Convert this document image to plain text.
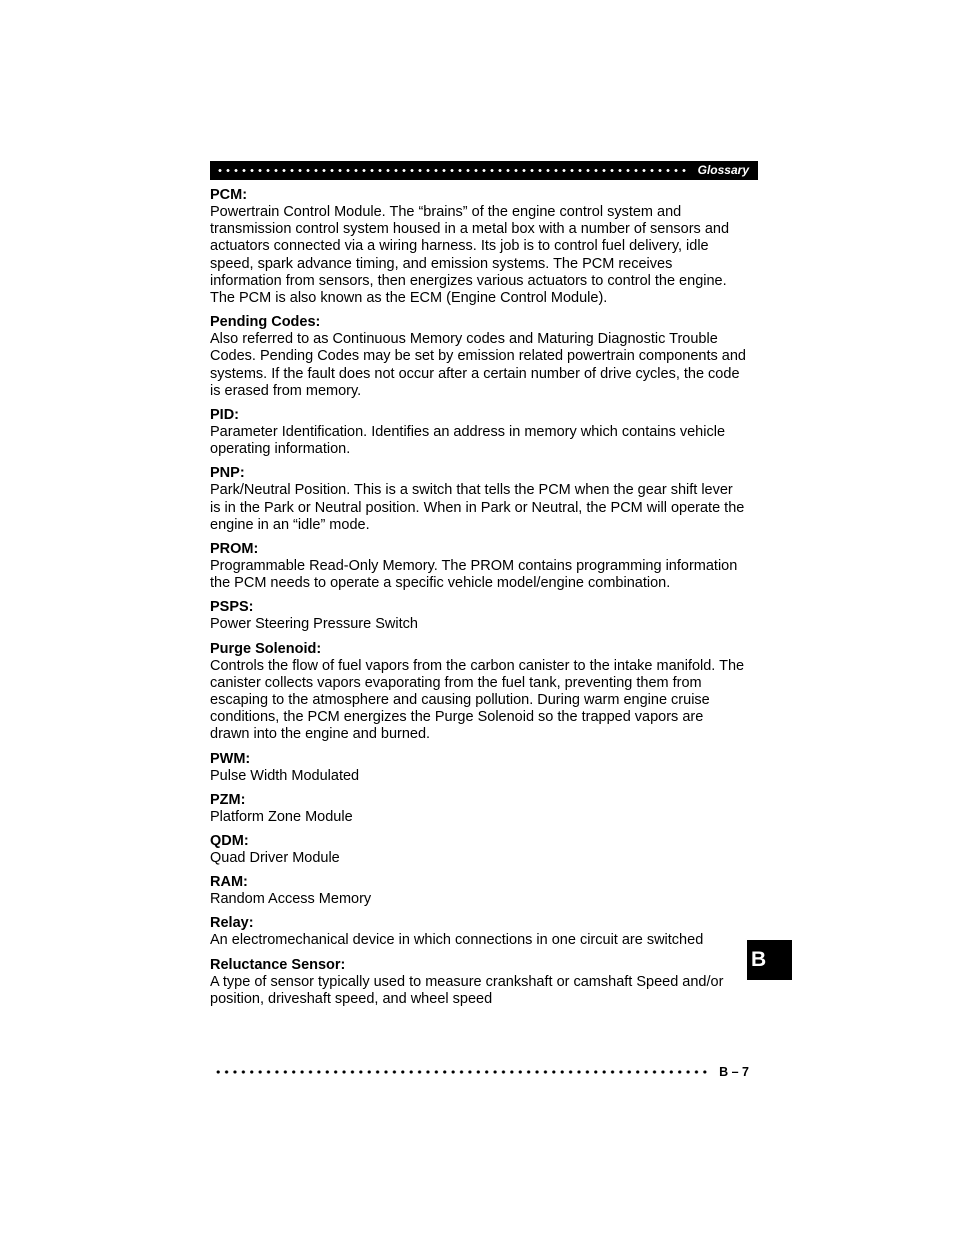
Glossary
PCM:
Powertrain Control Module. The “brains” of the engine control system and transmission control system housed in a metal box with a number of sensors and actuators connected via a wiring harness. Its job is to control fuel delivery, idle speed, spark advance timing, and emission systems. The PCM receives information from sensors, then energizes various actuators to control the engine. The PCM is also known as the ECM (Engine Control Module).
Pending Codes:
Also referred to as Continuous Memory codes and Maturing Diagnostic Trouble Codes. Pending Codes may be set by emission related powertrain components and systems. If the fault does not occur after a certain number of drive cycles, the code is erased from memory.
PID:
Parameter Identification. Identifies an address in memory which contains vehicle operating information.
PNP:
Park/Neutral Position. This is a switch that tells the PCM when the gear shift lever is in the Park or Neutral position. When in Park or Neutral, the PCM will operate the engine in an “idle” mode.
PROM:
Programmable Read-Only Memory. The PROM contains programming information the PCM needs to operate a specific vehicle model/engine combination.
PSPS:
Power Steering Pressure Switch
Purge Solenoid:
Controls the flow of fuel vapors from the carbon canister to the intake manifold. The canister collects vapors evaporating from the fuel tank, preventing them from escaping to the atmosphere and causing pollution. During warm engine cruise conditions, the PCM energizes the Purge Solenoid so the trapped vapors are drawn into the engine and burned.
PWM:
Pulse Width Modulated
PZM:
Platform Zone Module
QDM:
Quad Driver Module
RAM:
Random Access Memory
Relay:
An electromechanical device in which connections in one circuit are switched
Reluctance Sensor:
A type of sensor typically used to measure crankshaft or camshaft Speed and/or position, driveshaft speed, and wheel speed
B
B – 7
